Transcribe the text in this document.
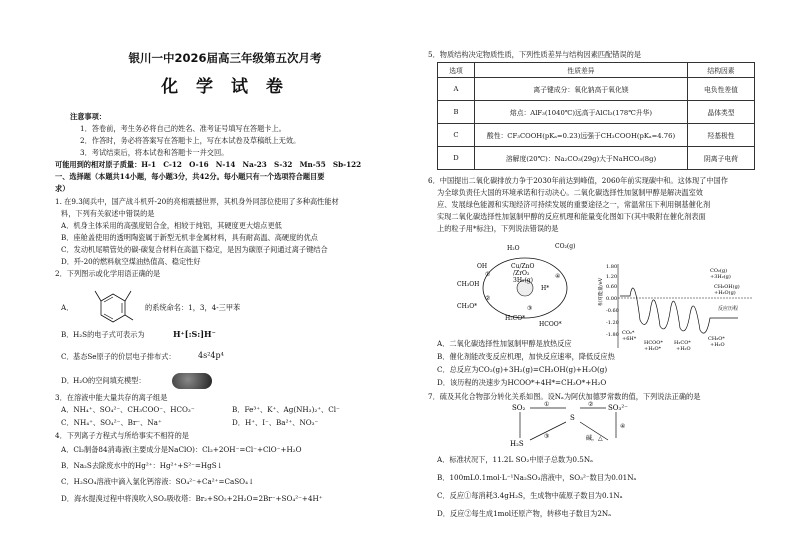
银川一中2026届高三年级第五次月考
化 学 试 卷
注意事项：
1．答卷前，考生务必将自己的姓名、准考证号填写在答题卡上。
2．作答时，务必将答案写在答题卡上，写在本试卷及草稿纸上无效。
3．考试结束后，将本试卷和答题卡一并交回。
可能用到的相对原子质量：H-1　C-12　O-16　N-14　Na-23　S-32　Mn-55　Sb-122
一、选择题（本题共14小题，每小题3分，共42分。每小题只有一个选项符合题目要
求）
1. 在9.3阅兵中，国产战斗机歼-20的亮相震撼世界，其机身外同部位使用了多种高性能材
料，下列有关叙述中错误的是
A．机身主体采用的高强度铝合金，相较于纯铝，其硬度更大熔点更低
B．座舱盖使用的透明陶瓷属于新型无机非金属材料，具有耐高温、高硬度的优点
C．发动机尾喷管处的碳-碳复合材料在高温下稳定，是因为碳原子间通过离子键结合
D．歼-20的燃料航空煤油热值高、稳定性好
2．下列图示或化学用语正确的是
A．	的系统命名：1，3，4-三甲苯
B． H₂S的电子式可表示为	H⁺[:S:]H⁻
C． 基态Se原子的价层电子排布式：	4s²4p⁴
D． H₂O的空间填充模型：
3．在溶液中能大量共存的离子组是
A．NH₄⁺、SO₄²⁻、CH₃COO⁻、HCO₃⁻	B．Fe³⁺、K⁺、Ag(NH₃)₂⁺、Cl⁻
C．NH₄⁺、SO₄²⁻、Br⁻、Na⁺	D．H⁺、I⁻、Ba²⁺、NO₃⁻
4．下列离子方程式与所给事实不相符的是
A．Cl₂制备84消毒液(主要成分是NaClO)：Cl₂+2OH⁻=Cl⁻+ClO⁻+H₂O
B．Na₂S去除废水中的Hg²⁺：Hg²⁺+S²⁻=HgS↓
C．H₂SO₄溶液中滴入氯化钙溶液：SO₄²⁻+Ca²⁺=CaSO₄↓
D．海水提溴过程中将溴吹入SO₂吸收塔：Br₂+SO₂+2H₂O=2Br⁻+SO₄²⁻+4H⁺
5．物质结构决定物质性质，下列性质差异与结构因素匹配错误的是
选项	性质差异	结构因素
A	离子键成分：氧化钠高于氧化镁	电负性差值
B	熔点：AlF₃(1040℃)远高于AlCl₃(178℃升华)	晶体类型
C	酸性：CF₃COOH(pKₐ=0.23)远强于CH₃COOH(pKₐ=4.76)	羟基极性
D	溶解度(20℃)：Na₂CO₃(29g)大于NaHCO₃(8g)	阴离子电荷
6．中国提出二氧化碳排放力争于2030年前达到峰值，2060年前实现碳中和。这体现了中国作
为全球负责任大国的环境承诺和行动决心。二氧化碳选择性加氢制甲醇是解决温室效
应、发展绿色能源和实现经济可持续发展的重要途径之一，常温常压下利用铜基催化剂
实现二氧化碳选择性加氢制甲醇的反应机理和能量变化图如下(其中吸附在催化剂表面
上的粒子用*标注)，下列说法错误的是
H₂O
Cu/ZnO
/ZrO₂
3H₂(g)
CO₂(g)
CH₃OH
OH
H*
HCOO*
H₂CO*
CH₃O*
①
②
③
④
相对能量/eV
1.80
1.20
0.60
0.00
-0.60
-1.20
-1.80
CO₂(g)
+3H₂(g)
CH₃OH(g)
+H₂O(g)
CO₂*
+6H*
HCOO*
+H₂O*
H₂CO*
+H₂O
CH₃O*
+H₂O
反应历程
A．二氧化碳选择性加氢制甲醇是放热反应
B．催化剂能改变反应机理，加快反应速率，降低反应热
C．总反应为CO₂(g)+3H₂(g)=CH₃OH(g)+H₂O(g)
D．该历程的决速步为HCOO*+4H*=CH₃O*+H₂O
7．硫及其化合物部分转化关系如图。设Nₐ为阿伏加德罗常数的值，下列说法正确的是
SO₂	①
S
② SO₃²⁻
H₂S
③	碱，△
④
A．标准状况下，11.2L SO₂中原子总数为0.5Nₐ
B．100mL0.1mol·L⁻¹Na₂SO₃溶液中，SO₃²⁻数目为0.01Nₐ
C．反应①每消耗3.4gH₂S，生成物中硫原子数目为0.1Nₐ
D．反应②每生成1mol还原产物，转移电子数目为2Nₐ
